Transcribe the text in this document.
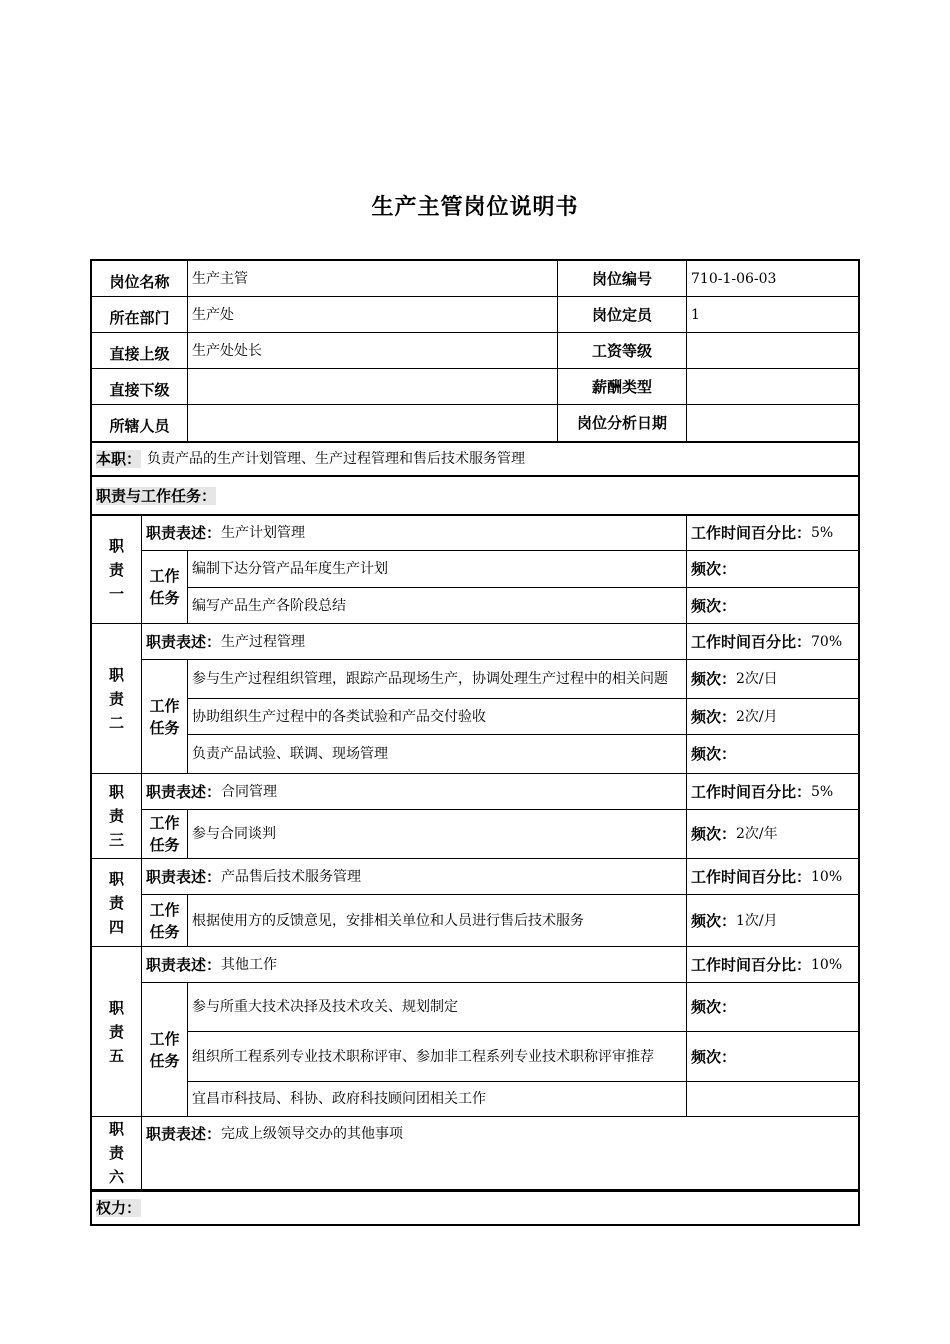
生产主管岗位说明书
岗位名称 生产主管	岗位编号	710-1-06-03
所在部门 生产处	岗位定员	1
直接上级 生产处处长	工资等级
直接下级	薪酬类型
所辖人员	岗位分析日期
本职： 负责产品的生产计划管理、生产过程管理和售后技术服务管理
职责与工作任务：
职
责
一
职责表述： 生产计划管理	工作时间百分比： 5%
工作
任务
编制下达分管产品年度生产计划	频次：
编写产品生产各阶段总结	频次：
职
责
二
职责表述： 生产过程管理	工作时间百分比： 70%
工作
任务
参与生产过程组织管理，跟踪产品现场生产，协调处理生产过程中的相关问题 频次： 2次/日
协助组织生产过程中的各类试验和产品交付验收	频次： 2次/月
负责产品试验、联调、现场管理	频次：
职
责
三
职责表述： 合同管理	工作时间百分比： 5%
工作
任务
参与合同谈判	频次： 2次/年
职
责
四
职责表述： 产品售后技术服务管理	工作时间百分比： 10%
工作
任务
根据使用方的反馈意见，安排相关单位和人员进行售后技术服务	频次： 1次/月
职
责
五
职责表述： 其他工作	工作时间百分比： 10%
工作
任务
参与所重大技术决择及技术攻关、规划制定	频次：
组织所工程系列专业技术职称评审、参加非工程系列专业技术职称评审推荐 频次：
宜昌市科技局、科协、政府科技顾问团相关工作
职
责
六
职责表述： 完成上级领导交办的其他事项
权力：
